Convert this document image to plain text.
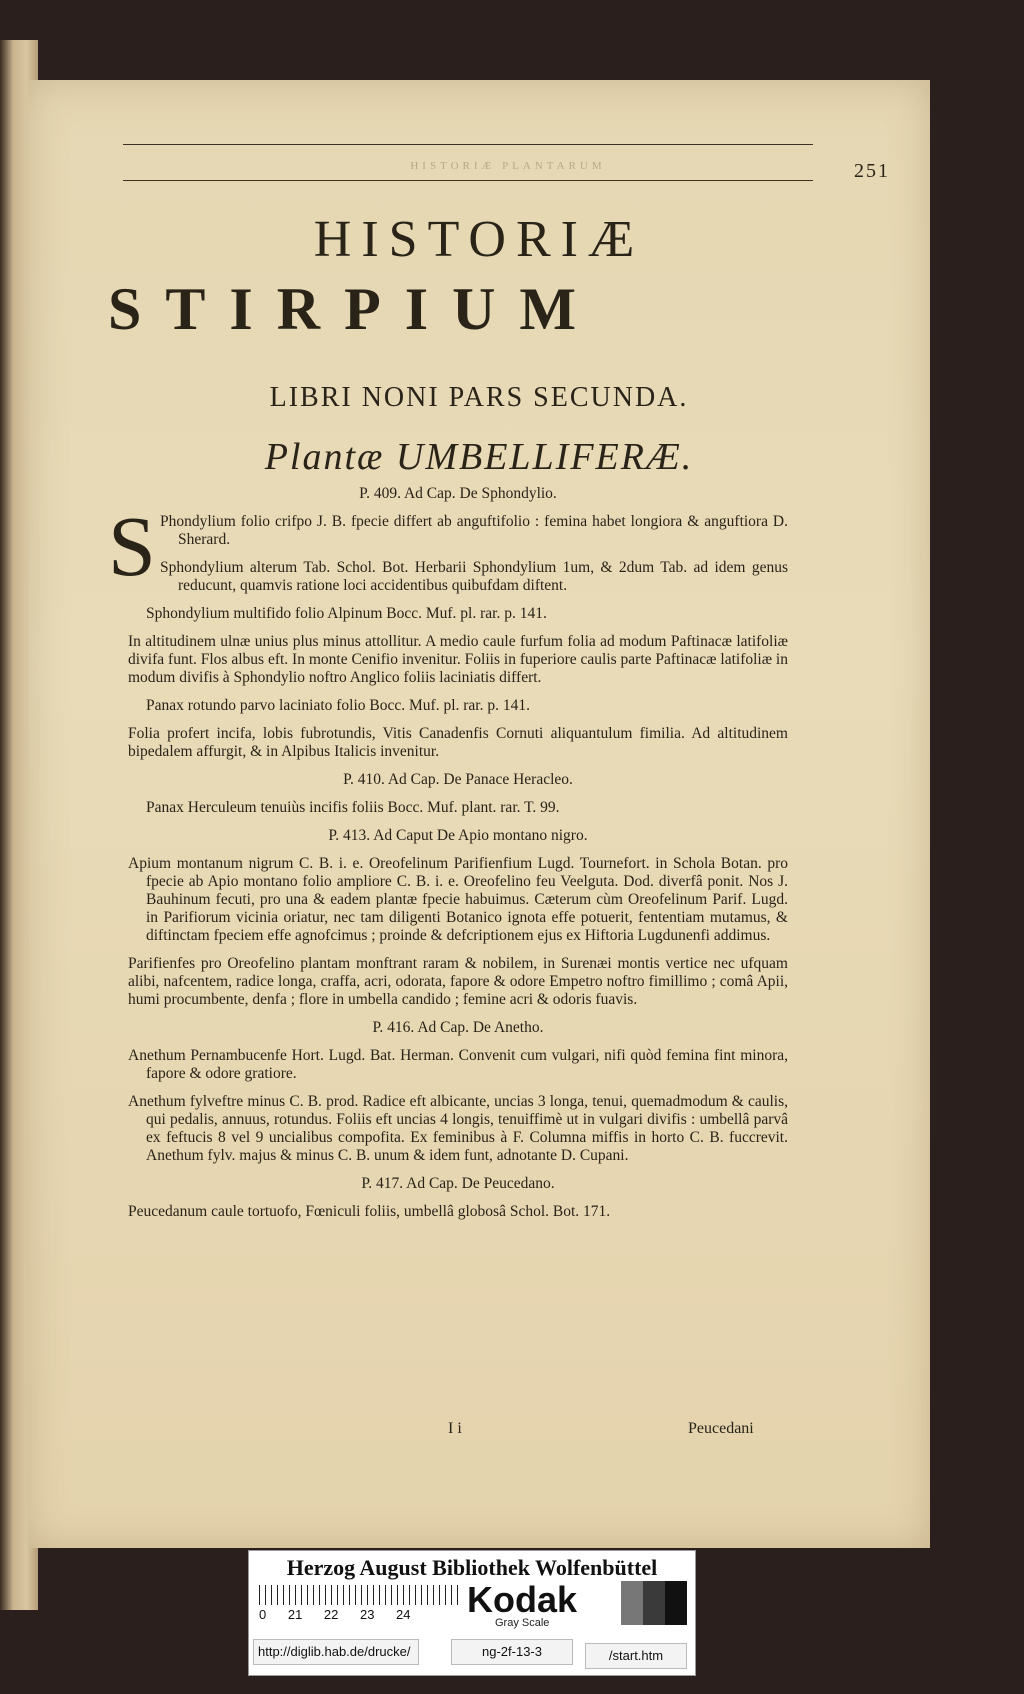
HISTORIÆ PLANTARUM	251
HISTORIÆ
STIRPIUM
LIBRI NONI PARS SECUNDA.
Plantæ UMBELLIFERÆ.
P. 409. Ad Cap. De Sphondylio.
S Phondylium folio crifpo J. B. fpecie differt ab anguftifolio : femina habet longiora & anguftiora D. Sherard.
Sphondylium alterum Tab. Schol. Bot. Herbarii Sphondylium 1um, & 2dum Tab. ad idem genus reducunt, quamvis ratione loci accidentibus quibufdam diftent.
Sphondylium multifido folio Alpinum Bocc. Muf. pl. rar. p. 141.
In altitudinem ulnæ unius plus minus attollitur. A medio caule furfum folia ad modum Paftinacæ latifoliæ divifa funt. Flos albus eft. In monte Cenifio invenitur. Foliis in fuperiore caulis parte Paftinacæ latifoliæ in modum divifis à Sphondylio noftro Anglico foliis laciniatis differt.
Panax rotundo parvo laciniato folio Bocc. Muf. pl. rar. p. 141.
Folia profert incifa, lobis fubrotundis, Vitis Canadenfis Cornuti aliquantulum fimilia. Ad altitudinem bipedalem affurgit, & in Alpibus Italicis invenitur.
P. 410. Ad Cap. De Panace Heracleo.
Panax Herculeum tenuiùs incifis foliis Bocc. Muf. plant. rar. T. 99.
P. 413. Ad Caput De Apio montano nigro.
Apium montanum nigrum C. B. i. e. Oreofelinum Parifienfium Lugd. Tournefort. in Schola Botan. pro fpecie ab Apio montano folio ampliore C. B. i. e. Oreofelino feu Veelguta. Dod. diverfâ ponit. Nos J. Bauhinum fecuti, pro una & eadem plantæ fpecie habuimus. Cæterum cùm Oreofelinum Parif. Lugd. in Parifiorum vicinia oriatur, nec tam diligenti Botanico ignota effe potuerit, fententiam mutamus, & diftinctam fpeciem effe agnofcimus ; proinde & defcriptionem ejus ex Hiftoria Lugdunenfi addimus.
Parifienfes pro Oreofelino plantam monftrant raram & nobilem, in Surenæi montis vertice nec ufquam alibi, nafcentem, radice longa, craffa, acri, odorata, fapore & odore Empetro noftro fimillimo ; comâ Apii, humi procumbente, denfa ; flore in umbella candido ; femine acri & odoris fuavis.
P. 416. Ad Cap. De Anetho.
Anethum Pernambucenfe Hort. Lugd. Bat. Herman. Convenit cum vulgari, nifi quòd femina fint minora, fapore & odore gratiore.
Anethum fylveftre minus C. B. prod. Radice eft albicante, uncias 3 longa, tenui, quemadmodum & caulis, qui pedalis, annuus, rotundus. Foliis eft uncias 4 longis, tenuiffimè ut in vulgari divifis : umbellâ parvâ ex feftucis 8 vel 9 uncialibus compofita. Ex feminibus à F. Columna miffis in horto C. B. fuccrevit. Anethum fylv. majus & minus C. B. unum & idem funt, adnotante D. Cupani.
P. 417. Ad Cap. De Peucedano.
Peucedanum caule tortuofo, Fœniculi foliis, umbellâ globosâ Schol. Bot. 171.
I i	Peucedani
Herzog August Bibliothek Wolfenbüttel
0 21 22 23 24 Kodak
Gray Scale
http://diglib.hab.de/drucke/	ng-2f-13-3	/start.htm
